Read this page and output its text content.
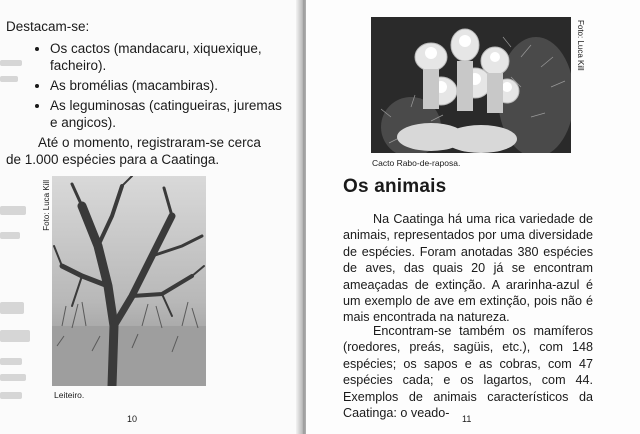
Destacam-se:

• Os cactos (mandacaru, xiquexique, facheiro).
• As bromélias (macambiras).
• As leguminosas (catingueiras, juremas e angicos).

Até o momento, registraram-se cerca de 1.000 espécies para a Caatinga.

Foto: Luca Kill
Leiteiro.
10
Foto: Luca Kill
Cacto Rabo-de-raposa.
Os animais

Na Caatinga há uma rica variedade de animais, representados por uma diversidade de espécies. Foram anotadas 380 espécies de aves, das quais 20 já se encontram ameaçadas de extinção. A ararinha-azul é um exemplo de ave em extinção, pois não é mais encontrada na natureza.

Encontram-se também os mamíferos (roedores, preás, sagüis, etc.), com 148 espécies; os sapos e as cobras, com 47 espécies cada; e os lagartos, com 44. Exemplos de animais característicos da Caatinga: o veado-	11
